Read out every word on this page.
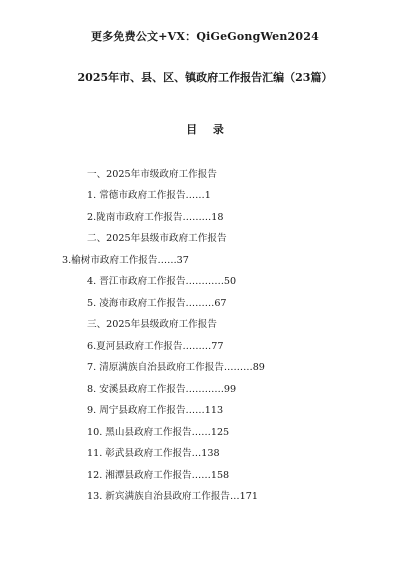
更多免费公文+VX：QiGeGongWen2024
2025年市、县、区、镇政府工作报告汇编（23篇）
目 录
一、2025年市级政府工作报告
1. 常德市政府工作报告……1
2.陇南市政府工作报告………18
二、2025年县级市政府工作报告
3.榆树市政府工作报告……37
4. 晋江市政府工作报告…………50
5. 凌海市政府工作报告………67
三、2025年县级政府工作报告
6.夏河县政府工作报告………77
7. 清原满族自治县政府工作报告………89
8. 安溪县政府工作报告…………99
9. 周宁县政府工作报告……113
10. 黑山县政府工作报告……125
11. 彰武县政府工作报告…138
12. 湘潭县政府工作报告……158
13. 新宾满族自治县政府工作报告…171
